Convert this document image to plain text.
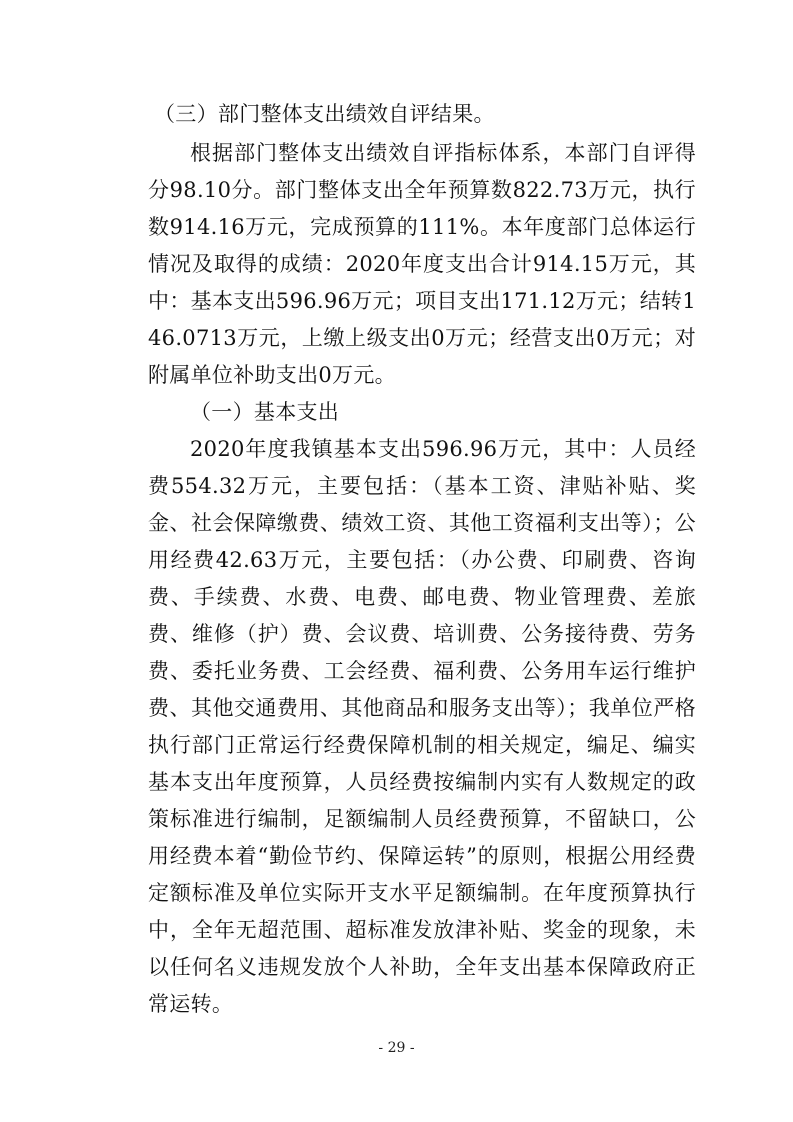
（三）部门整体支出绩效自评结果。

根据部门整体支出绩效自评指标体系，本部门自评得分98.10分。部门整体支出全年预算数822.73万元，执行数914.16万元，完成预算的111%。本年度部门总体运行情况及取得的成绩：2020年度支出合计914.15万元，其中：基本支出596.96万元；项目支出171.12万元；结转146.0713万元，上缴上级支出0万元；经营支出0万元；对附属单位补助支出0万元。

（一）基本支出

2020年度我镇基本支出596.96万元，其中：人员经费554.32万元，主要包括：（基本工资、津贴补贴、奖金、社会保障缴费、绩效工资、其他工资福利支出等）；公用经费42.63万元，主要包括：（办公费、印刷费、咨询费、手续费、水费、电费、邮电费、物业管理费、差旅费、维修（护）费、会议费、培训费、公务接待费、劳务费、委托业务费、工会经费、福利费、公务用车运行维护费、其他交通费用、其他商品和服务支出等）；我单位严格执行部门正常运行经费保障机制的相关规定，编足、编实基本支出年度预算，人员经费按编制内实有人数规定的政策标准进行编制，足额编制人员经费预算，不留缺口，公用经费本着“勤俭节约、保障运转”的原则，根据公用经费定额标准及单位实际开支水平足额编制。在年度预算执行中，全年无超范围、超标准发放津补贴、奖金的现象，未以任何名义违规发放个人补助，全年支出基本保障政府正常运转。

- 29 -
